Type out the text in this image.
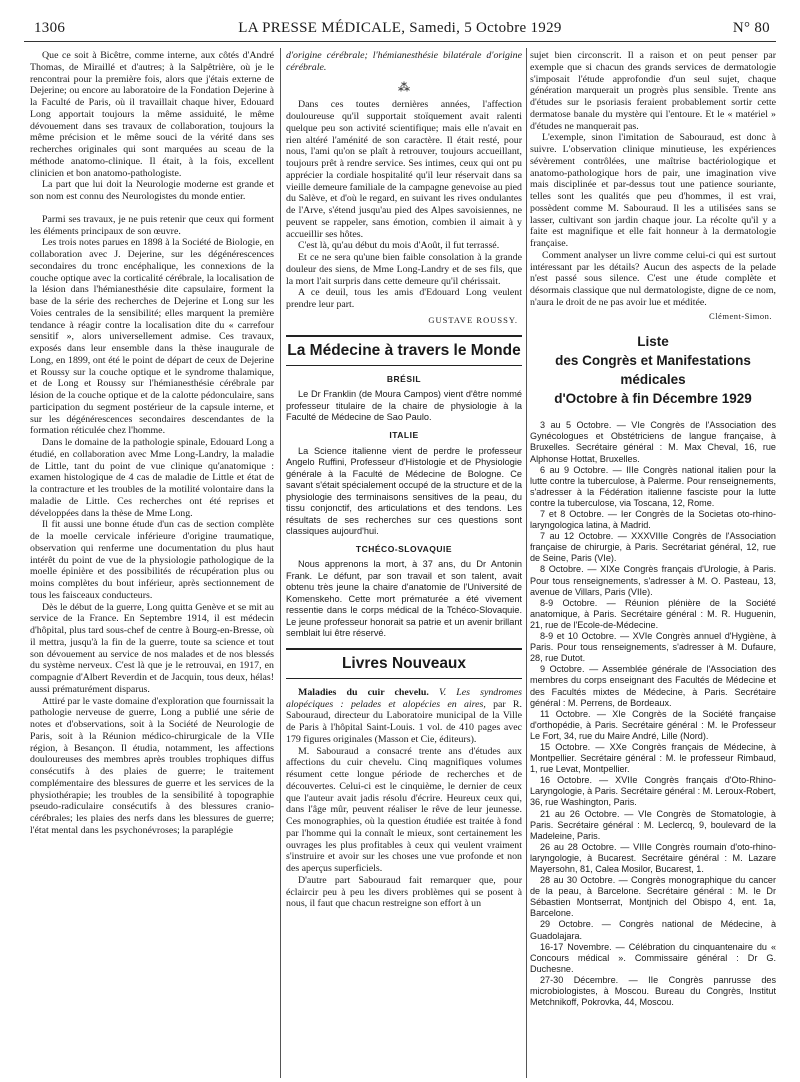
1306	LA PRESSE MÉDICALE, Samedi, 5 Octobre 1929	N° 80

Que ce soit à Bicêtre, comme interne, aux côtés d'André Thomas, de Miraillé et d'autres; à la Salpêtrière, où je le rencontrai pour la première fois, alors que j'étais externe de Dejerine; ou encore au laboratoire de la Fondation Dejerine à la Faculté de Paris, où il travaillait chaque hiver, Edouard Long apportait toujours la même assiduité, le même dévouement dans ses travaux de collaboration, toujours la même précision et le même souci de la vérité dans ses recherches originales qui sont marquées au sceau de la méthode anatomo-clinique. Il était, à la fois, excellent clinicien et bon anatomo-pathologiste.

La part que lui doit la Neurologie moderne est grande et son nom est connu des Neurologistes du monde entier.

Parmi ses travaux, je ne puis retenir que ceux qui forment les éléments principaux de son œuvre.

Les trois notes parues en 1898 à la Société de Biologie, en collaboration avec J. Dejerine, sur les dégénérescences secondaires du tronc encéphalique, les connexions de la couche optique avec la corticalité cérébrale, la localisation de la lésion dans l'hémianesthésie dite capsulaire, forment la base de la série des recherches de Dejerine et Long sur les Voies centrales de la sensibilité; elles marquent la première tendance à réagir contre la localisation dite du « carrefour sensitif », alors universellement admise. Ces travaux, exposés dans leur ensemble dans la thèse inaugurale de Long, en 1899, ont été le point de départ de ceux de Dejerine et Roussy sur la couche optique et le syndrome thalamique, et de Long et Roussy sur l'hémianesthésie cérébrale par lésion de la couche optique et de la calotte pédonculaire, sans participation du segment postérieur de la capsule interne, et sur les dégénérescences secondaires descendantes de la formation réticulée chez l'homme.

Dans le domaine de la pathologie spinale, Edouard Long a étudié, en collaboration avec Mme Long-Landry, la maladie de Little, tant du point de vue clinique qu'anatomique : examen histologique de 4 cas de maladie de Little et état de la contracture et les troubles de la motilité volontaire dans la maladie de Little. Ces recherches ont été reprises et développées dans la thèse de Mme Long.

Il fit aussi une bonne étude d'un cas de section complète de la moelle cervicale inférieure d'origine traumatique, observation qui renferme une documentation du plus haut intérêt du point de vue de la physiologie pathologique de la moelle épinière et des possibilités de récupération plus ou moins complètes du bout inférieur, après sectionnement de tous les faisceaux conducteurs.

Dès le début de la guerre, Long quitta Genève et se mit au service de la France. En Septembre 1914, il est médecin d'hôpital, plus tard sous-chef de centre à Bourg-en-Bresse, où il mettra, jusqu'à la fin de la guerre, toute sa science et tout son dévouement au service de nos malades et de nos blessés du système nerveux. C'est là que je le retrouvai, en 1917, en compagnie d'Albert Reverdin et de Jacquin, tous deux, hélas! aussi prématurément disparus.

Attiré par le vaste domaine d'exploration que fournissait la pathologie nerveuse de guerre, Long a publié une série de notes et d'observations, soit à la Société de Neurologie de Paris, soit à la Réunion médico-chirurgicale de la VIIe région, à Besançon. Il étudia, notamment, les affections douloureuses des membres après troubles trophiques diffus consécutifs à des plaies de guerre; le traitement complémentaire des blessures de guerre et les services de la physiothérapie; les troubles de la sensibilité à topographie pseudo-radiculaire consécutifs à des blessures cranio-cérébrales; les plaies des nerfs dans les blessures de guerre; l'état mental dans les psychonévroses; la paraplégie

d'origine cérébrale; l'hémianesthésie bilatérale d'origine cérébrale.

⁂

Dans ces toutes dernières années, l'affection douloureuse qu'il supportait stoïquement avait ralenti quelque peu son activité scientifique; mais elle n'avait en rien altéré l'aménité de son caractère. Il était resté, pour nous, l'ami qu'on se plaît à retrouver, toujours accueillant, toujours prêt à rendre service. Ses intimes, ceux qui ont pu apprécier la cordiale hospitalité qu'il leur réservait dans sa vieille demeure familiale de la campagne genevoise au pied du Salève, et d'où le regard, en suivant les rives ondulantes de l'Arve, s'étend jusqu'au pied des Alpes savoisiennes, ne peuvent se rappeler, sans émotion, combien il aimait à y accueillir ses hôtes.

C'est là, qu'au début du mois d'Août, il fut terrassé.

Et ce ne sera qu'une bien faible consolation à la grande douleur des siens, de Mme Long-Landry et de ses fils, que la mort l'ait surpris dans cette demeure qu'il chérissait.

A ce deuil, tous les amis d'Edouard Long veulent prendre leur part.

GUSTAVE ROUSSY.
La Médecine à travers le Monde
BRÉSIL

Le Dr Franklin (de Moura Campos) vient d'être nommé professeur titulaire de la chaire de physiologie à la Faculté de Médecine de Sao Paulo.

ITALIE

La Science italienne vient de perdre le professeur Angelo Ruffini, Professeur d'Histologie et de Physiologie générale à la Faculté de Médecine de Bologne. Ce savant s'était spécialement occupé de la structure et de la physiologie des terminaisons sensitives de la peau, du tissu conjonctif, des articulations et des tendons. Les résultats de ses recherches sur ces questions sont classiques aujourd'hui.

TCHÉCO-SLOVAQUIE

Nous apprenons la mort, à 37 ans, du Dr Antonin Frank. Le défunt, par son travail et son talent, avait obtenu très jeune la chaire d'anatomie de l'Université de Komenskeho. Cette mort prématurée a été vivement ressentie dans le corps médical de la Tchéco-Slovaquie. Le jeune professeur honorait sa patrie et un avenir brillant semblait lui être réservé.

Livres Nouveaux

Maladies du cuir chevelu. V. Les syndromes alopéciques : pelades et alopécies en aires, par R. Sabouraud, directeur du Laboratoire municipal de la Ville de Paris à l'hôpital Saint-Louis. 1 vol. de 410 pages avec 179 figures originales (Masson et Cie, éditeurs).

M. Sabouraud a consacré trente ans d'études aux affections du cuir chevelu. Cinq magnifiques volumes résument cette longue période de recherches et de découvertes. Celui-ci est le cinquième, le dernier de ceux que l'auteur avait jadis résolu d'écrire. Heureux ceux qui, dans l'âge mûr, peuvent réaliser le rêve de leur jeunesse. Ces monographies, où la question étudiée est traitée à fond par l'homme qui la connaît le mieux, sont certainement les ouvrages les plus profitables à ceux qui veulent vraiment s'instruire et avoir sur les choses une vue profonde et non des aperçus superficiels.

D'autre part Sabouraud fait remarquer que, pour éclaircir peu à peu les divers problèmes qui se posent à nous, il faut que chacun restreigne son effort à un

sujet bien circonscrit. Il a raison et on peut penser par exemple que si chacun des grands services de dermatologie s'imposait l'étude approfondie d'un seul sujet, chaque génération marquerait un progrès plus sensible. Trente ans d'études sur le psoriasis feraient probablement sortir cette dermatose banale du mystère qui l'entoure. Et le « matériel » d'études ne manquerait pas.

L'exemple, sinon l'imitation de Sabouraud, est donc à suivre. L'observation clinique minutieuse, les expériences sévèrement contrôlées, une maîtrise bactériologique et anatomo-pathologique hors de pair, une imagination vive mais disciplinée et par-dessus tout une patience souriante, telles sont les qualités que peu d'hommes, il est vrai, possèdent comme M. Sabouraud. Il les a utilisées sans se lasser, cultivant son jardin chaque jour. La récolte qu'il y a faite est magnifique et elle fait honneur à la dermatologie française.

Comment analyser un livre comme celui-ci qui est surtout intéressant par les détails? Aucun des aspects de la pelade n'est passé sous silence. C'est une étude complète et désormais classique que nul dermatologiste, digne de ce nom, n'aura le droit de ne pas avoir lue et méditée.

Clément-Simon.
Liste
des Congrès et Manifestations médicales
d'Octobre à fin Décembre 1929

3 au 5 Octobre. — VIe Congrès de l'Association des Gynécologues et Obstétriciens de langue française, à Bruxelles. Secrétaire général : M. Max Cheval, 16, rue Alphonse Hottat, Bruxelles.

6 au 9 Octobre. — IIIe Congrès national italien pour la lutte contre la tuberculose, à Palerme. Pour renseignements, s'adresser à la Fédération italienne fasciste pour la lutte contre la tuberculose, via Toscana, 12, Rome.

7 et 8 Octobre. — Ier Congrès de la Societas oto-rhino-laryngologica latina, à Madrid.

7 au 12 Octobre. — XXXVIIIe Congrès de l'Association française de chirurgie, à Paris. Secrétariat général, 12, rue de Seine, Paris (VIe).

8 Octobre. — XIXe Congrès français d'Urologie, à Paris. Pour tous renseignements, s'adresser à M. O. Pasteau, 13, avenue de Villars, Paris (VIIe).

8-9 Octobre. — Réunion plénière de la Société anatomique, à Paris. Secrétaire général : M. R. Huguenin, 21, rue de l'Ecole-de-Médecine.

8-9 et 10 Octobre. — XVIe Congrès annuel d'Hygiène, à Paris. Pour tous renseignements, s'adresser à M. Dufaure, 28, rue Dutot.

9 Octobre. — Assemblée générale de l'Association des membres du corps enseignant des Facultés de Médecine et des Facultés mixtes de Médecine, à Paris. Secrétaire général : M. Perrens, de Bordeaux.

11 Octobre. — XIe Congrès de la Société française d'orthopédie, à Paris. Secrétaire général : M. le Professeur Le Fort, 34, rue du Maire André, Lille (Nord).

15 Octobre. — XXe Congrès français de Médecine, à Montpellier. Secrétaire général : M. le professeur Rimbaud, 1, rue Levat, Montpellier.

16 Octobre. — XVIIe Congrès français d'Oto-Rhino-Laryngologie, à Paris. Secrétaire général : M. Leroux-Robert, 36, rue Washington, Paris.

21 au 26 Octobre. — VIe Congrès de Stomatologie, à Paris. Secrétaire général : M. Leclercq, 9, boulevard de la Madeleine, Paris.

26 au 28 Octobre. — VIIIe Congrès roumain d'oto-rhino-laryngologie, à Bucarest. Secrétaire général : M. Lazare Mayersohn, 81, Calea Mosilor, Bucarest, 1.

28 au 30 Octobre. — Congrès monographique du cancer de la peau, à Barcelone. Secrétaire général : M. le Dr Sébastien Montserrat, Montjnich del Obispo 4, ent. 1a, Barcelone.

29 Octobre. — Congrès national de Médecine, à Guadolajara.

16-17 Novembre. — Célébration du cinquantenaire du « Concours médical ». Commissaire général : Dr G. Duchesne.

27-30 Décembre. — IIe Congrès panrusse des microbiologistes, à Moscou. Bureau du Congrès, Institut Metchnikoff, Pokrovka, 44, Moscou.
